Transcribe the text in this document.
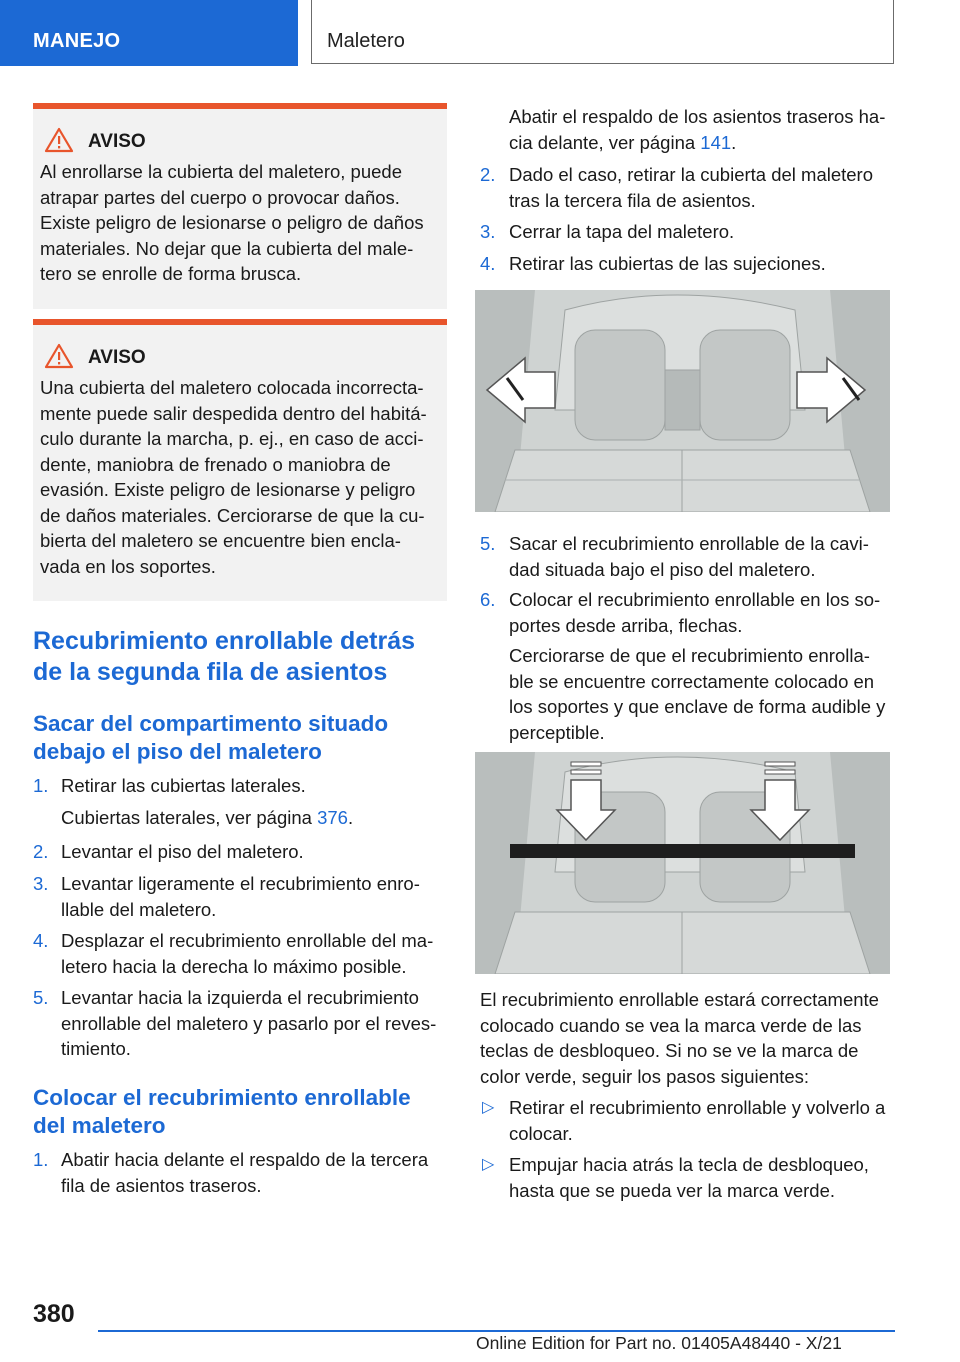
MANEJO	Maletero
AVISO
Al enrollarse la cubierta del maletero, puede
atrapar partes del cuerpo o provocar daños.
Existe peligro de lesionarse o peligro de daños
materiales. No dejar que la cubierta del male‐
tero se enrolle de forma brusca.
AVISO
Una cubierta del maletero colocada incorrecta‐
mente puede salir despedida dentro del habitá‐
culo durante la marcha, p. ej., en caso de acci‐
dente, maniobra de frenado o maniobra de
evasión. Existe peligro de lesionarse y peligro
de daños materiales. Cerciorarse de que la cu‐
bierta del maletero se encuentre bien encla‐
vada en los soportes.
Recubrimiento enrollable detrás
de la segunda fila de asientos
Sacar del compartimento situado
debajo el piso del maletero
1. Retirar las cubiertas laterales.
Cubiertas laterales, ver página 376.
2. Levantar el piso del maletero.
3. Levantar ligeramente el recubrimiento enro‐
llable del maletero.
4. Desplazar el recubrimiento enrollable del ma‐
letero hacia la derecha lo máximo posible.
5. Levantar hacia la izquierda el recubrimiento
enrollable del maletero y pasarlo por el reves‐
timiento.
Colocar el recubrimiento enrollable
del maletero
1. Abatir hacia delante el respaldo de la tercera
fila de asientos traseros.
Abatir el respaldo de los asientos traseros ha‐
cia delante, ver página 141.
2. Dado el caso, retirar la cubierta del maletero
tras la tercera fila de asientos.
3. Cerrar la tapa del maletero.
4. Retirar las cubiertas de las sujeciones.
5. Sacar el recubrimiento enrollable de la cavi‐
dad situada bajo el piso del maletero.
6. Colocar el recubrimiento enrollable en los so‐
portes desde arriba, flechas.
Cerciorarse de que el recubrimiento enrolla‐
ble se encuentre correctamente colocado en
los soportes y que enclave de forma audible y
perceptible.
El recubrimiento enrollable estará correctamente
colocado cuando se vea la marca verde de las
teclas de desbloqueo. Si no se ve la marca de
color verde, seguir los pasos siguientes:
▷ Retirar el recubrimiento enrollable y volverlo a
colocar.
▷ Empujar hacia atrás la tecla de desbloqueo,
hasta que se pueda ver la marca verde.
380
Online Edition for Part no. 01405A48440 - X/21
